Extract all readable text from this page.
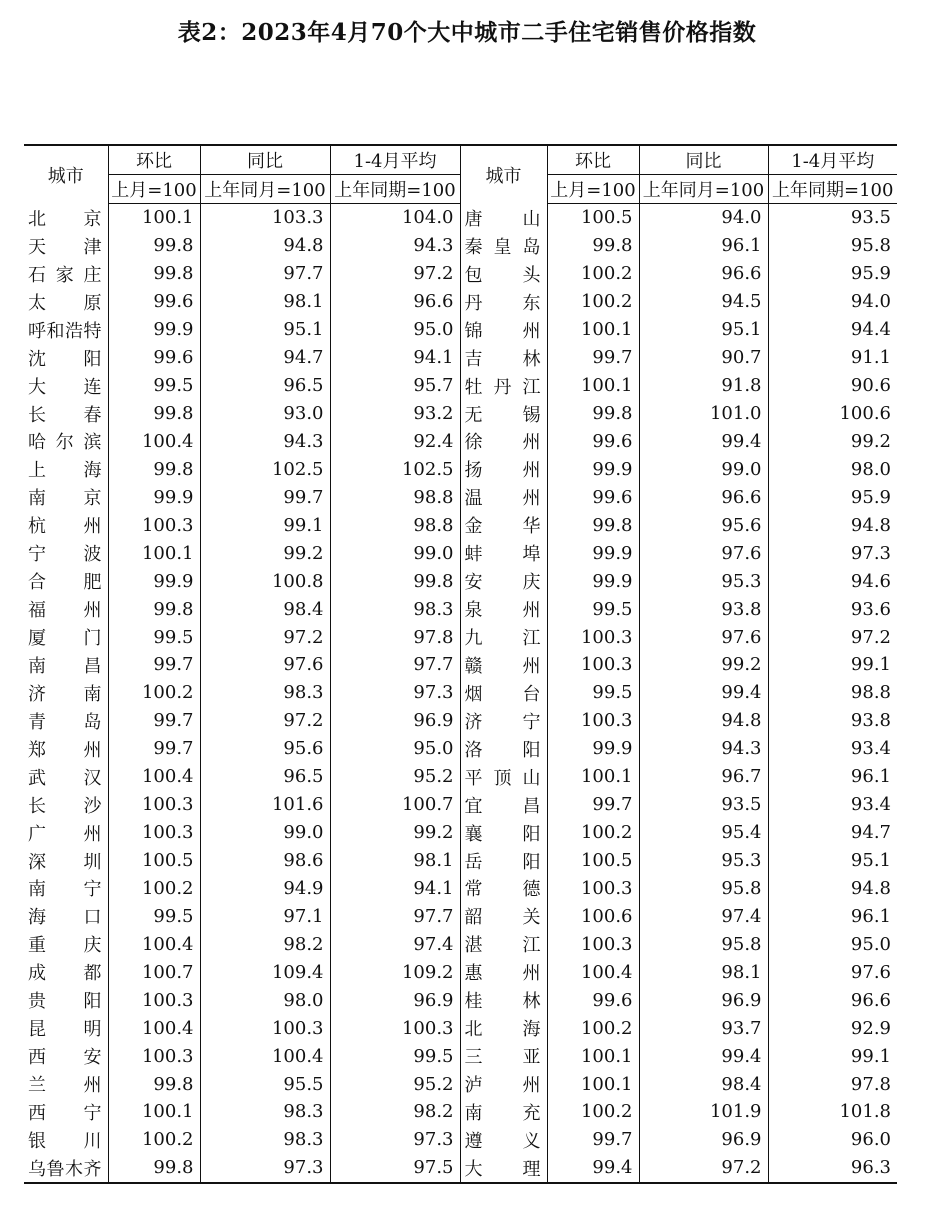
表2：2023年4月70个大中城市二手住宅销售价格指数
城市	环比	同比	1-4月平均	城市	环比	同比	1-4月平均
	上月=100	上年同月=100	上年同期=100		上月=100	上年同月=100	上年同期=100
北　京	100.1	103.3	104.0	唐　山	100.5	94.0	93.5
天　津	99.8	94.8	94.3	秦皇岛	99.8	96.1	95.8
石家庄	99.8	97.7	97.2	包　头	100.2	96.6	95.9
太　原	99.6	98.1	96.6	丹　东	100.2	94.5	94.0
呼和浩特	99.9	95.1	95.0	锦　州	100.1	95.1	94.4
沈　阳	99.6	94.7	94.1	吉　林	99.7	90.7	91.1
大　连	99.5	96.5	95.7	牡丹江	100.1	91.8	90.6
长　春	99.8	93.0	93.2	无　锡	99.8	101.0	100.6
哈尔滨	100.4	94.3	92.4	徐　州	99.6	99.4	99.2
上　海	99.8	102.5	102.5	扬　州	99.9	99.0	98.0
南　京	99.9	99.7	98.8	温　州	99.6	96.6	95.9
杭　州	100.3	99.1	98.8	金　华	99.8	95.6	94.8
宁　波	100.1	99.2	99.0	蚌　埠	99.9	97.6	97.3
合　肥	99.9	100.8	99.8	安　庆	99.9	95.3	94.6
福　州	99.8	98.4	98.3	泉　州	99.5	93.8	93.6
厦　门	99.5	97.2	97.8	九　江	100.3	97.6	97.2
南　昌	99.7	97.6	97.7	赣　州	100.3	99.2	99.1
济　南	100.2	98.3	97.3	烟　台	99.5	99.4	98.8
青　岛	99.7	97.2	96.9	济　宁	100.3	94.8	93.8
郑　州	99.7	95.6	95.0	洛　阳	99.9	94.3	93.4
武　汉	100.4	96.5	95.2	平顶山	100.1	96.7	96.1
长　沙	100.3	101.6	100.7	宜　昌	99.7	93.5	93.4
广　州	100.3	99.0	99.2	襄　阳	100.2	95.4	94.7
深　圳	100.5	98.6	98.1	岳　阳	100.5	95.3	95.1
南　宁	100.2	94.9	94.1	常　德	100.3	95.8	94.8
海　口	99.5	97.1	97.7	韶　关	100.6	97.4	96.1
重　庆	100.4	98.2	97.4	湛　江	100.3	95.8	95.0
成　都	100.7	109.4	109.2	惠　州	100.4	98.1	97.6
贵　阳	100.3	98.0	96.9	桂　林	99.6	96.9	96.6
昆　明	100.4	100.3	100.3	北　海	100.2	93.7	92.9
西　安	100.3	100.4	99.5	三　亚	100.1	99.4	99.1
兰　州	99.8	95.5	95.2	泸　州	100.1	98.4	97.8
西　宁	100.1	98.3	98.2	南　充	100.2	101.9	101.8
银　川	100.2	98.3	97.3	遵　义	99.7	96.9	96.0
乌鲁木齐	99.8	97.3	97.5	大　理	99.4	97.2	96.3
